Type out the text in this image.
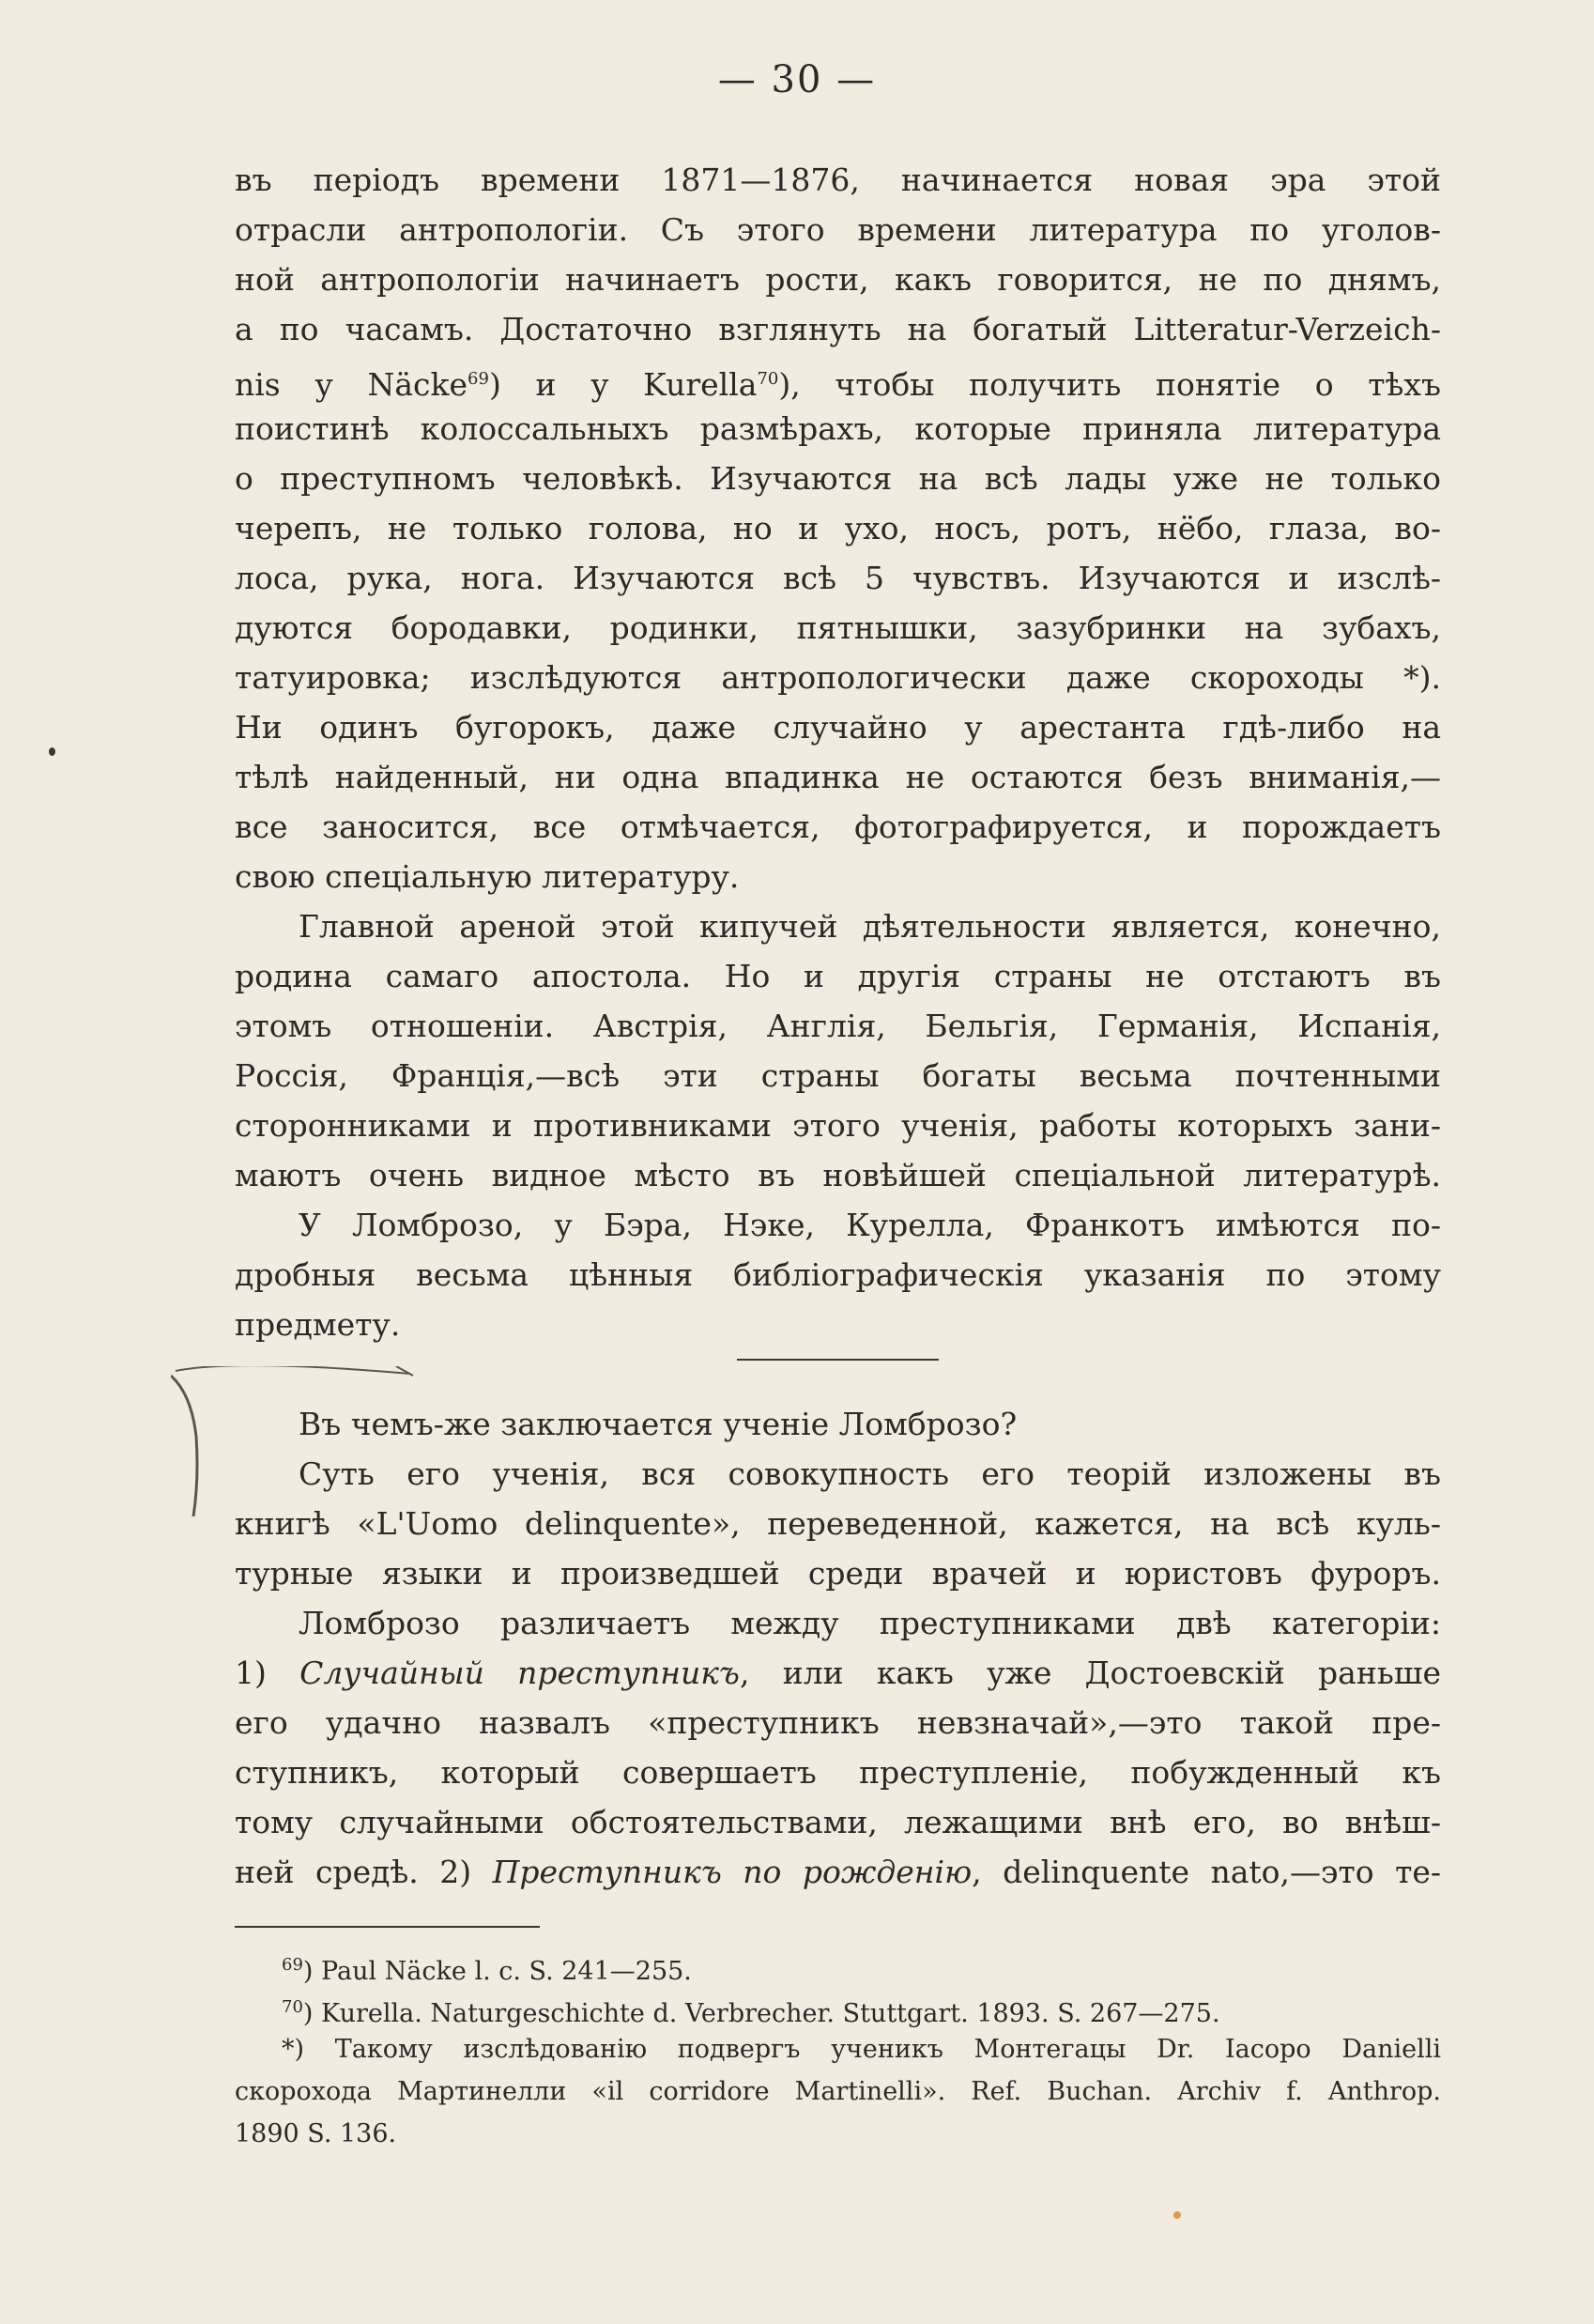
— 30 —
въ періодъ времени 1871—1876, начинается новая эра этой
отрасли антропологіи. Съ этого времени литература по уголов-
ной антропологіи начинаетъ рости, какъ говорится, не по днямъ,
а по часамъ. Достаточно взглянуть на богатый Litteratur-Verzeich-
nis у Näcke$^{69}$) и у Kurella$^{70}$), чтобы получить понятіе о тѣхъ
поистинѣ колоссальныхъ размѣрахъ, которые приняла литература
о преступномъ человѣкѣ. Изучаются на всѣ лады уже не только
черепъ, не только голова, но и ухо, носъ, ротъ, нёбо, глаза, во-
лоса, рука, нога. Изучаются всѣ 5 чувствъ. Изучаются и изслѣ-
дуются бородавки, родинки, пятнышки, зазубринки на зубахъ,
татуировка; изслѣдуются антропологически даже скороходы *).
Ни одинъ бугорокъ, даже случайно у арестанта гдѣ-либо на
тѣлѣ найденный, ни одна впадинка не остаются безъ вниманія,—
все заносится, все отмѣчается, фотографируется, и порождаетъ
свою спеціальную литературу.
Главной ареной этой кипучей дѣятельности является, конечно,
родина самаго апостола. Но и другія страны не отстаютъ въ
этомъ отношеніи. Австрія, Англія, Бельгія, Германія, Испанія,
Россія, Франція,—всѣ эти страны богаты весьма почтенными
сторонниками и противниками этого ученія, работы которыхъ зани-
маютъ очень видное мѣсто въ новѣйшей спеціальной литературѣ.
У Ломброзо, у Бэра, Нэке, Курелла, Франкотъ имѣются по-
дробныя весьма цѣнныя библіографическія указанія по этому
предмету.
Въ чемъ-же заключается ученіе Ломброзо?
Суть его ученія, вся совокупность его теорій изложены въ
книгѣ «L'Uomo delinquente», переведенной, кажется, на всѣ куль-
турные языки и произведшей среди врачей и юристовъ фуроръ.
Ломброзо различаетъ между преступниками двѣ категоріи:
1) Случайный преступникъ, или какъ уже Достоевскій раньше
его удачно назвалъ «преступникъ невзначай»,—это такой пре-
ступникъ, который совершаетъ преступленіе, побужденный къ
тому случайными обстоятельствами, лежащими внѣ его, во внѣш-
ней средѣ. 2) Преступникъ по рожденію, delinquente nato,—это те-
$^{69}$) Paul Näcke l. c. S. 241—255.
$^{70}$) Kurella. Naturgeschichte d. Verbrecher. Stuttgart. 1893. S. 267—275.
*) Такому изслѣдованію подвергъ ученикъ Монтегацы Dr. Iacopo Danielli
скорохода Мартинелли «il corridore Martinelli». Ref. Buchan. Archiv f. Anthrop.
1890 S. 136.
